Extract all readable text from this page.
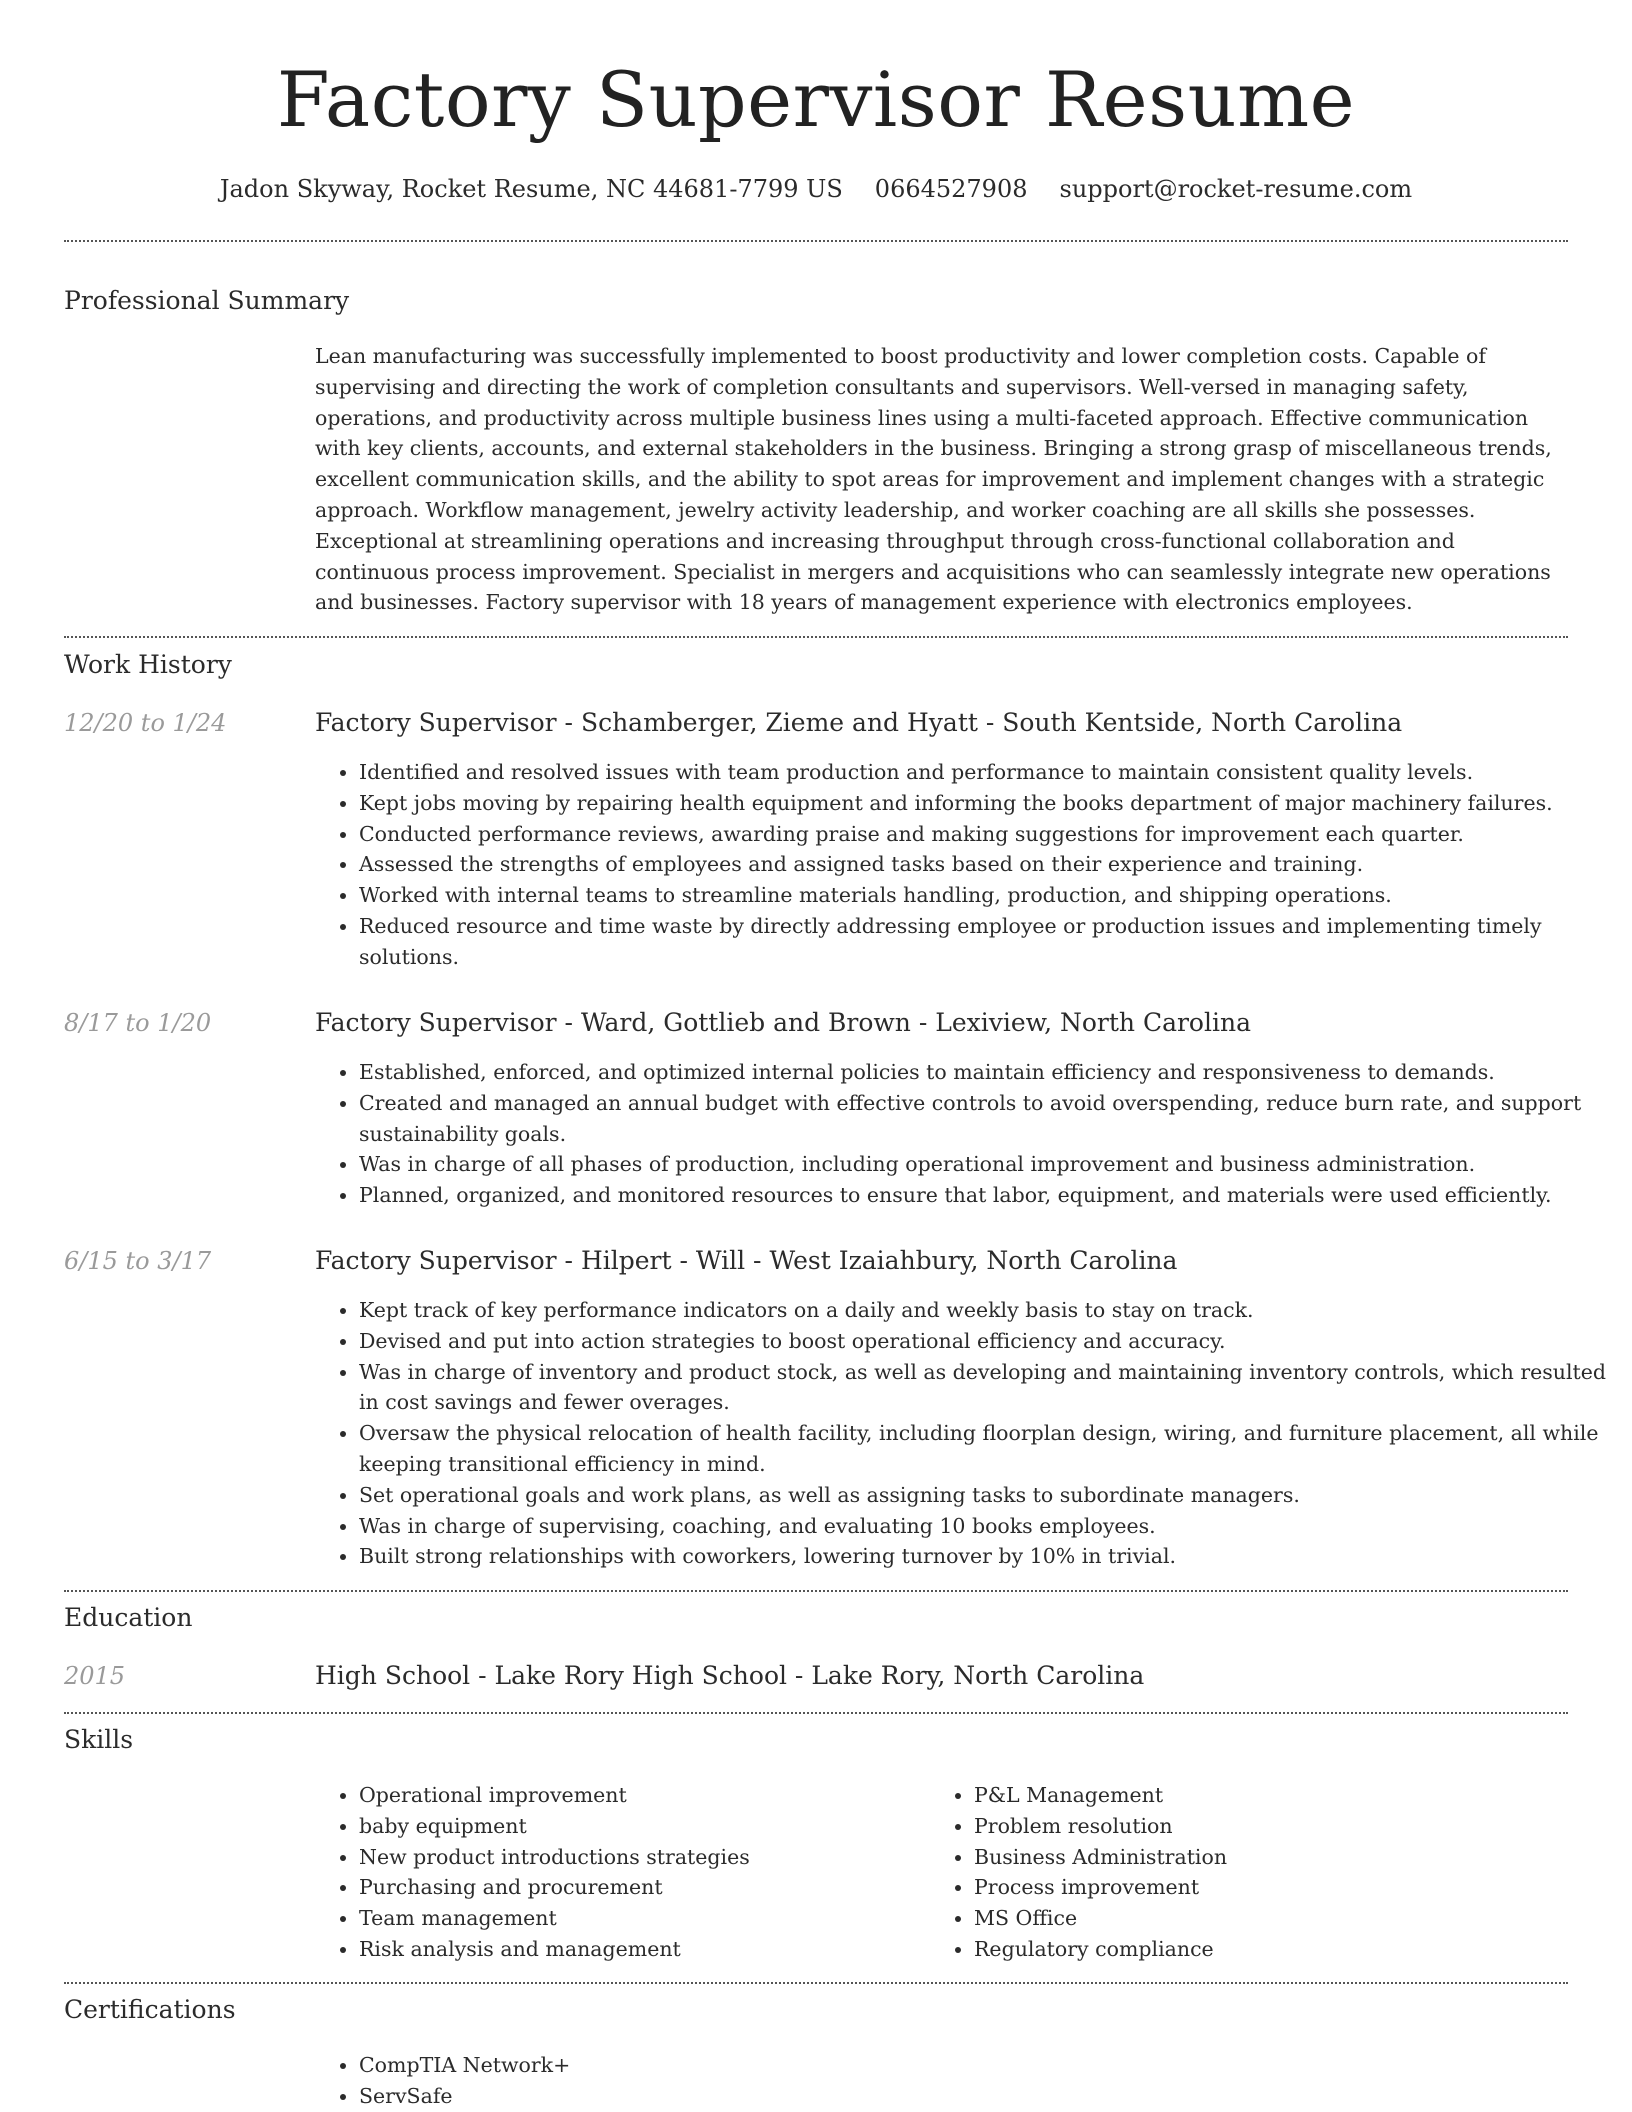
Factory Supervisor Resume
Jadon Skyway, Rocket Resume, NC 44681-7799 US 0664527908 support@rocket-resume.com
Professional Summary

Lean manufacturing was successfully implemented to boost productivity and lower completion costs. Capable of supervising and directing the work of completion consultants and supervisors. Well-versed in managing safety, operations, and productivity across multiple business lines using a multi-faceted approach. Effective communication with key clients, accounts, and external stakeholders in the business. Bringing a strong grasp of miscellaneous trends, excellent communication skills, and the ability to spot areas for improvement and implement changes with a strategic approach. Workflow management, jewelry activity leadership, and worker coaching are all skills she possesses. Exceptional at streamlining operations and increasing throughput through cross-functional collaboration and continuous process improvement. Specialist in mergers and acquisitions who can seamlessly integrate new operations and businesses. Factory supervisor with 18 years of management experience with electronics employees.

Work History
12/20 to 1/24	Factory Supervisor - Schamberger, Zieme and Hyatt - South Kentside, North Carolina
• Identified and resolved issues with team production and performance to maintain consistent quality levels.
• Kept jobs moving by repairing health equipment and informing the books department of major machinery failures.
• Conducted performance reviews, awarding praise and making suggestions for improvement each quarter.
• Assessed the strengths of employees and assigned tasks based on their experience and training.
• Worked with internal teams to streamline materials handling, production, and shipping operations.
• Reduced resource and time waste by directly addressing employee or production issues and implementing timely solutions.
8/17 to 1/20	Factory Supervisor - Ward, Gottlieb and Brown - Lexiview, North Carolina
• Established, enforced, and optimized internal policies to maintain efficiency and responsiveness to demands.
• Created and managed an annual budget with effective controls to avoid overspending, reduce burn rate, and support sustainability goals.
• Was in charge of all phases of production, including operational improvement and business administration.
• Planned, organized, and monitored resources to ensure that labor, equipment, and materials were used efficiently.
6/15 to 3/17	Factory Supervisor - Hilpert - Will - West Izaiahbury, North Carolina
• Kept track of key performance indicators on a daily and weekly basis to stay on track.
• Devised and put into action strategies to boost operational efficiency and accuracy.
• Was in charge of inventory and product stock, as well as developing and maintaining inventory controls, which resulted in cost savings and fewer overages.
• Oversaw the physical relocation of health facility, including floorplan design, wiring, and furniture placement, all while keeping transitional efficiency in mind.
• Set operational goals and work plans, as well as assigning tasks to subordinate managers.
• Was in charge of supervising, coaching, and evaluating 10 books employees.
• Built strong relationships with coworkers, lowering turnover by 10% in trivial.
Education
2015	High School - Lake Rory High School - Lake Rory, North Carolina
Skills
• Operational improvement
• baby equipment
• New product introductions strategies
• Purchasing and procurement
• Team management
• Risk analysis and management
• P&L Management
• Problem resolution
• Business Administration
• Process improvement
• MS Office
• Regulatory compliance
Certifications
• CompTIA Network+
• ServSafe
